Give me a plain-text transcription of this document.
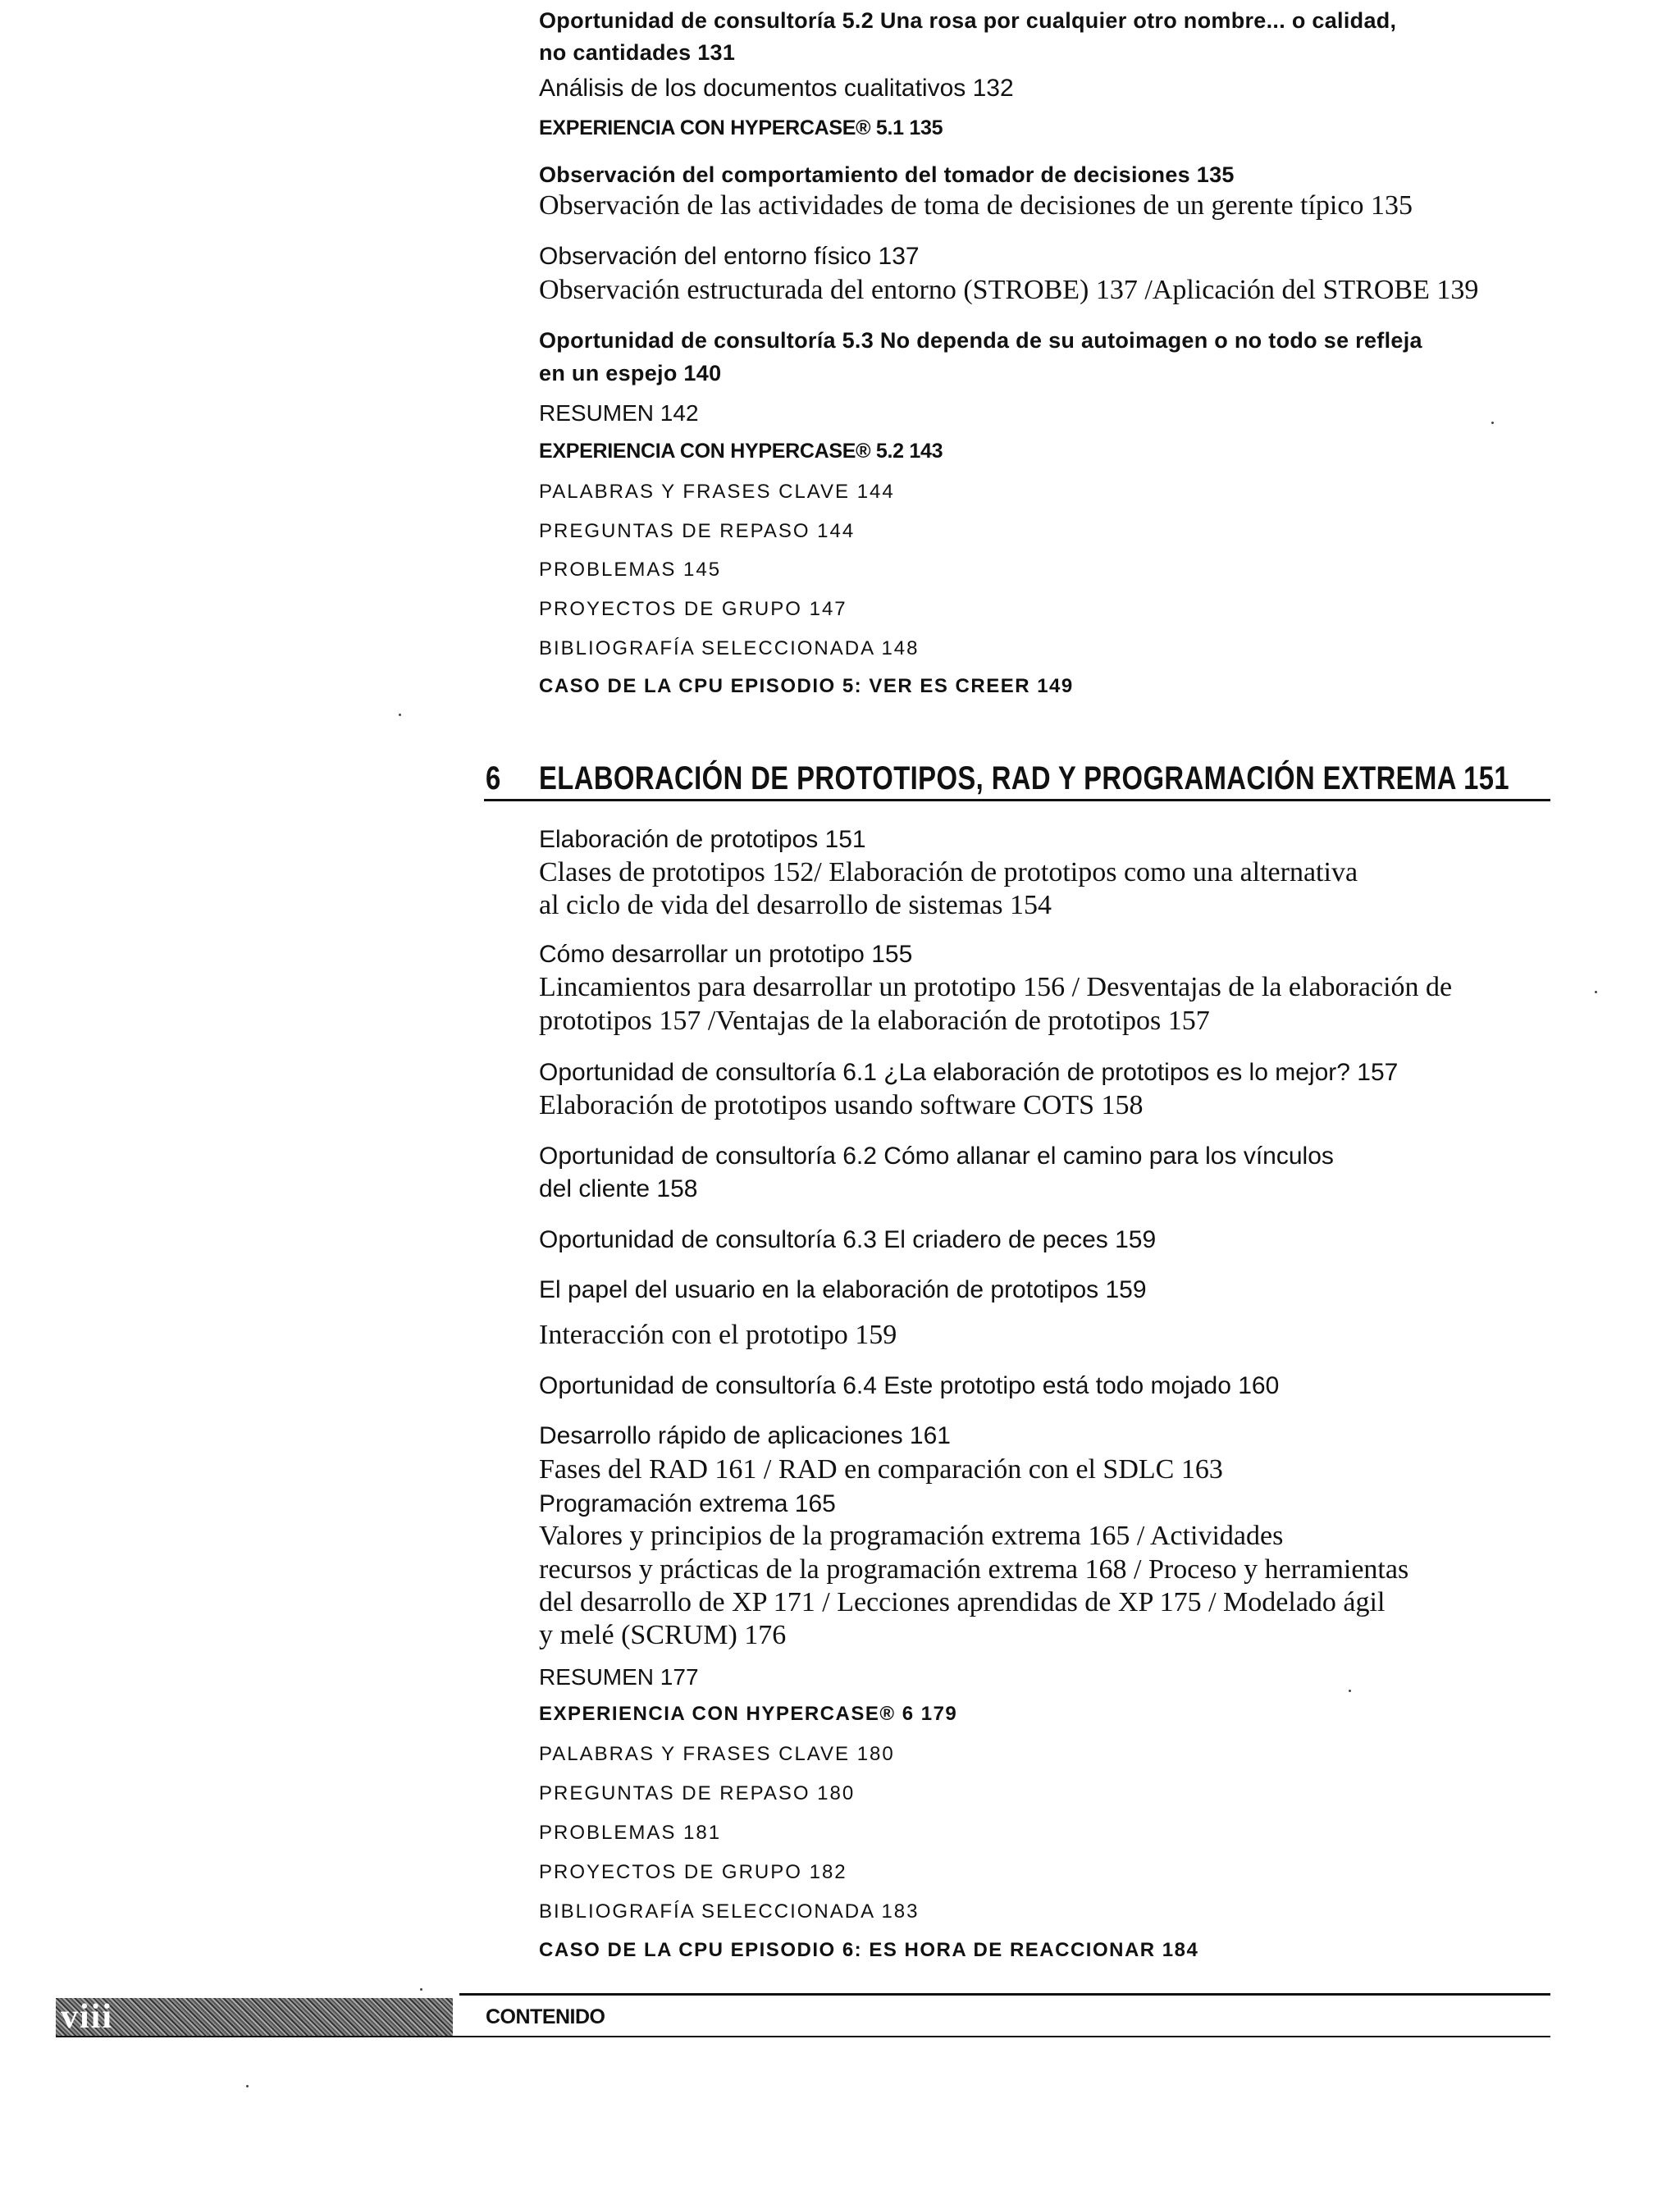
Oportunidad de consultoría 5.2 Una rosa por cualquier otro nombre... o calidad,
no cantidades 131
Análisis de los documentos cualitativos 132
EXPERIENCIA CON HYPERCASE® 5.1 135
Observación del comportamiento del tomador de decisiones 135
Observación de las actividades de toma de decisiones de un gerente típico 135
Observación del entorno físico 137
Observación estructurada del entorno (STROBE) 137 /Aplicación del STROBE 139
Oportunidad de consultoría 5.3 No dependa de su autoimagen o no todo se refleja
en un espejo 140
RESUMEN 142
EXPERIENCIA CON HYPERCASE® 5.2 143
PALABRAS Y FRASES CLAVE 144
PREGUNTAS DE REPASO 144
PROBLEMAS 145
PROYECTOS DE GRUPO 147
BIBLIOGRAFÍA SELECCIONADA 148
CASO DE LA CPU EPISODIO 5: VER ES CREER 149
6 ELABORACIÓN DE PROTOTIPOS, RAD Y PROGRAMACIÓN EXTREMA 151
Elaboración de prototipos 151
Clases de prototipos 152/ Elaboración de prototipos como una alternativa
al ciclo de vida del desarrollo de sistemas 154
Cómo desarrollar un prototipo 155
Lincamientos para desarrollar un prototipo 156 / Desventajas de la elaboración de
prototipos 157 /Ventajas de la elaboración de prototipos 157
Oportunidad de consultoría 6.1 ¿La elaboración de prototipos es lo mejor? 157
Elaboración de prototipos usando software COTS 158
Oportunidad de consultoría 6.2 Cómo allanar el camino para los vínculos
del cliente 158
Oportunidad de consultoría 6.3 El criadero de peces 159
El papel del usuario en la elaboración de prototipos 159
Interacción con el prototipo 159
Oportunidad de consultoría 6.4 Este prototipo está todo mojado 160
Desarrollo rápido de aplicaciones 161
Fases del RAD 161 / RAD en comparación con el SDLC 163
Programación extrema 165
Valores y principios de la programación extrema 165 / Actividades
recursos y prácticas de la programación extrema 168 / Proceso y herramientas
del desarrollo de XP 171 / Lecciones aprendidas de XP 175 / Modelado ágil
y melé (SCRUM) 176
RESUMEN 177
EXPERIENCIA CON HYPERCASE® 6 179
PALABRAS Y FRASES CLAVE 180
PREGUNTAS DE REPASO 180
PROBLEMAS 181
PROYECTOS DE GRUPO 182
BIBLIOGRAFÍA SELECCIONADA 183
CASO DE LA CPU EPISODIO 6: ES HORA DE REACCIONAR 184
viii	CONTENIDO
